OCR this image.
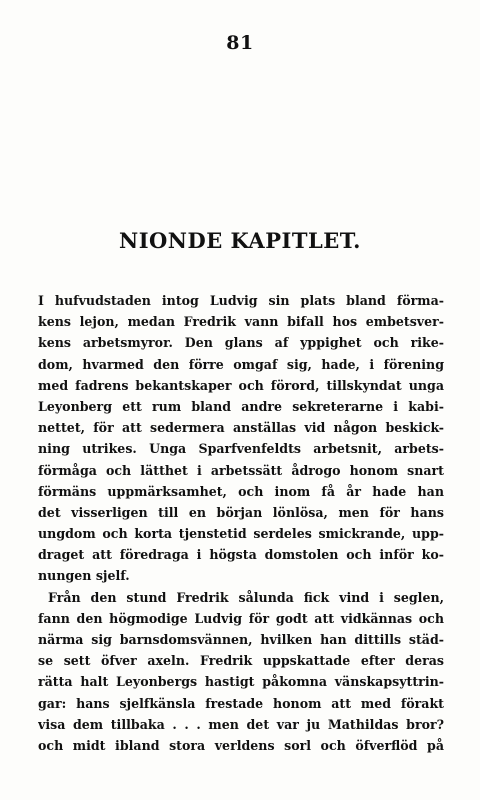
81
NIONDE KAPITLET.
I hufvudstaden intog Ludvig sin plats bland förma-
kens lejon, medan Fredrik vann bifall hos embetsver-
kens arbetsmyror. Den glans af yppighet och rike-
dom, hvarmed den förre omgaf sig, hade, i förening
med fadrens bekantskaper och förord, tillskyndat unga
Leyonberg ett rum bland andre sekreterarne i kabi-
nettet, för att sedermera anställas vid någon beskick-
ning utrikes. Unga Sparfvenfeldts arbetsnit, arbets-
förmåga och lätthet i arbetssätt ådrogo honom snart
förmäns uppmärksamhet, och inom få år hade han
det visserligen till en början lönlösa, men för hans
ungdom och korta tjenstetid serdeles smickrande, upp-
draget att föredraga i högsta domstolen och inför ko-
nungen sjelf.
Från den stund Fredrik sålunda fick vind i seglen,
fann den högmodige Ludvig för godt att vidkännas och
närma sig barnsdomsvännen, hvilken han dittills städ-
se sett öfver axeln. Fredrik uppskattade efter deras
rätta halt Leyonbergs hastigt påkomna vänskapsyttrin-
gar: hans sjelfkänsla frestade honom att med förakt
visa dem tillbaka . . . men det var ju Mathildas bror?
och midt ibland stora verldens sorl och öfverflöd på
